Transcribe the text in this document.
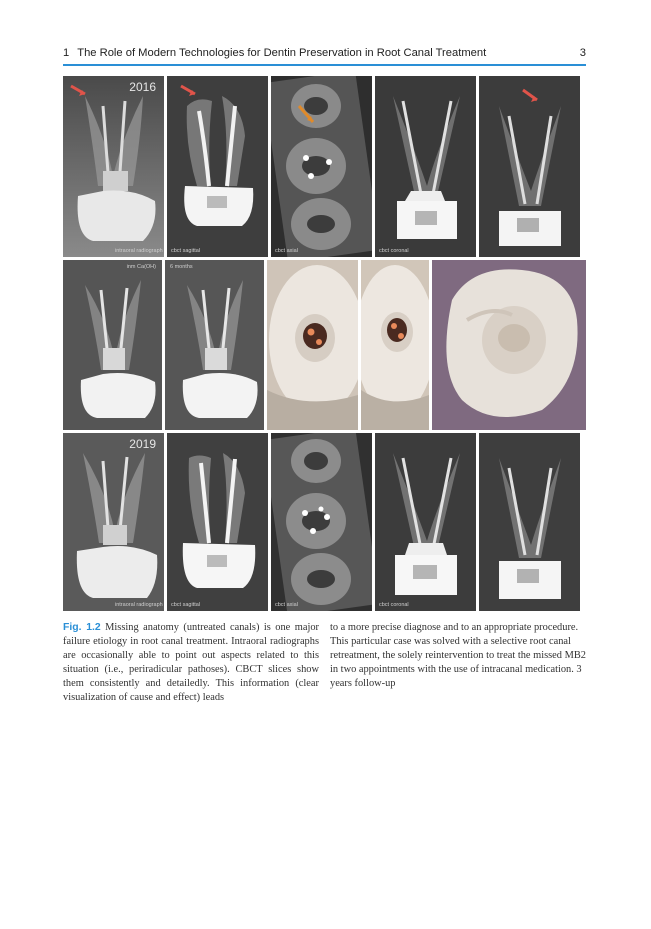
1 The Role of Modern Technologies for Dentin Preservation in Root Canal Treatment	3
2016
intraoral radiograph cbct sagittal	cbct axial	cbct coronal
inm Ca(OH)	6 months
2019
intraoral radiograph cbct sagittal	cbct axial	cbct coronal
Fig. 1.2 Missing anatomy (untreated canals) is one major failure etiology in root canal treatment. Intraoral radiographs are occasionally able to point out aspects related to this situation (i.e., periradicular pathoses). CBCT slices show them consistently and detailedly. This information (clear visualization of cause and effect) leads
to a more precise diagnose and to an appropriate procedure. This particular case was solved with a selective root canal retreatment, the solely reintervention to treat the missed MB2 in two appointments with the use of intracanal medication. 3 years follow-up
